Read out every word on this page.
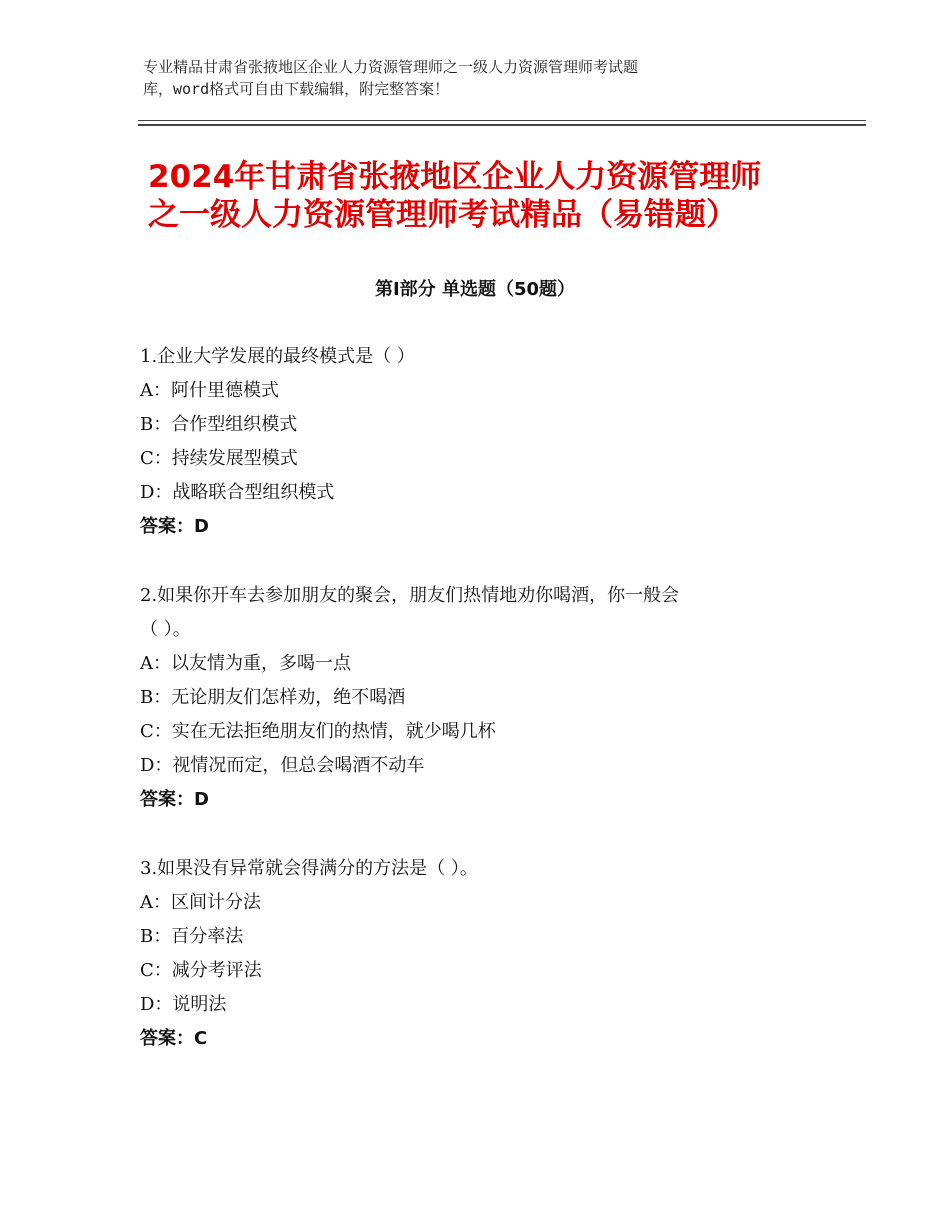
专业精品甘肃省张掖地区企业人力资源管理师之一级人力资源管理师考试题
库，word格式可自由下载编辑，附完整答案！
2024年甘肃省张掖地区企业人力资源管理师
之一级人力资源管理师考试精品（易错题）
第Ⅰ部分 单选题（50题）
1.企业大学发展的最终模式是（ ）
A：阿什里德模式
B：合作型组织模式
C：持续发展型模式
D：战略联合型组织模式
答案：D
2.如果你开车去参加朋友的聚会，朋友们热情地劝你喝酒，你一般会
（ ）。
A：以友情为重，多喝一点
B：无论朋友们怎样劝，绝不喝酒
C：实在无法拒绝朋友们的热情，就少喝几杯
D：视情况而定，但总会喝酒不动车
答案：D
3.如果没有异常就会得满分的方法是（ ）。
A：区间计分法
B：百分率法
C：减分考评法
D：说明法
答案：C
